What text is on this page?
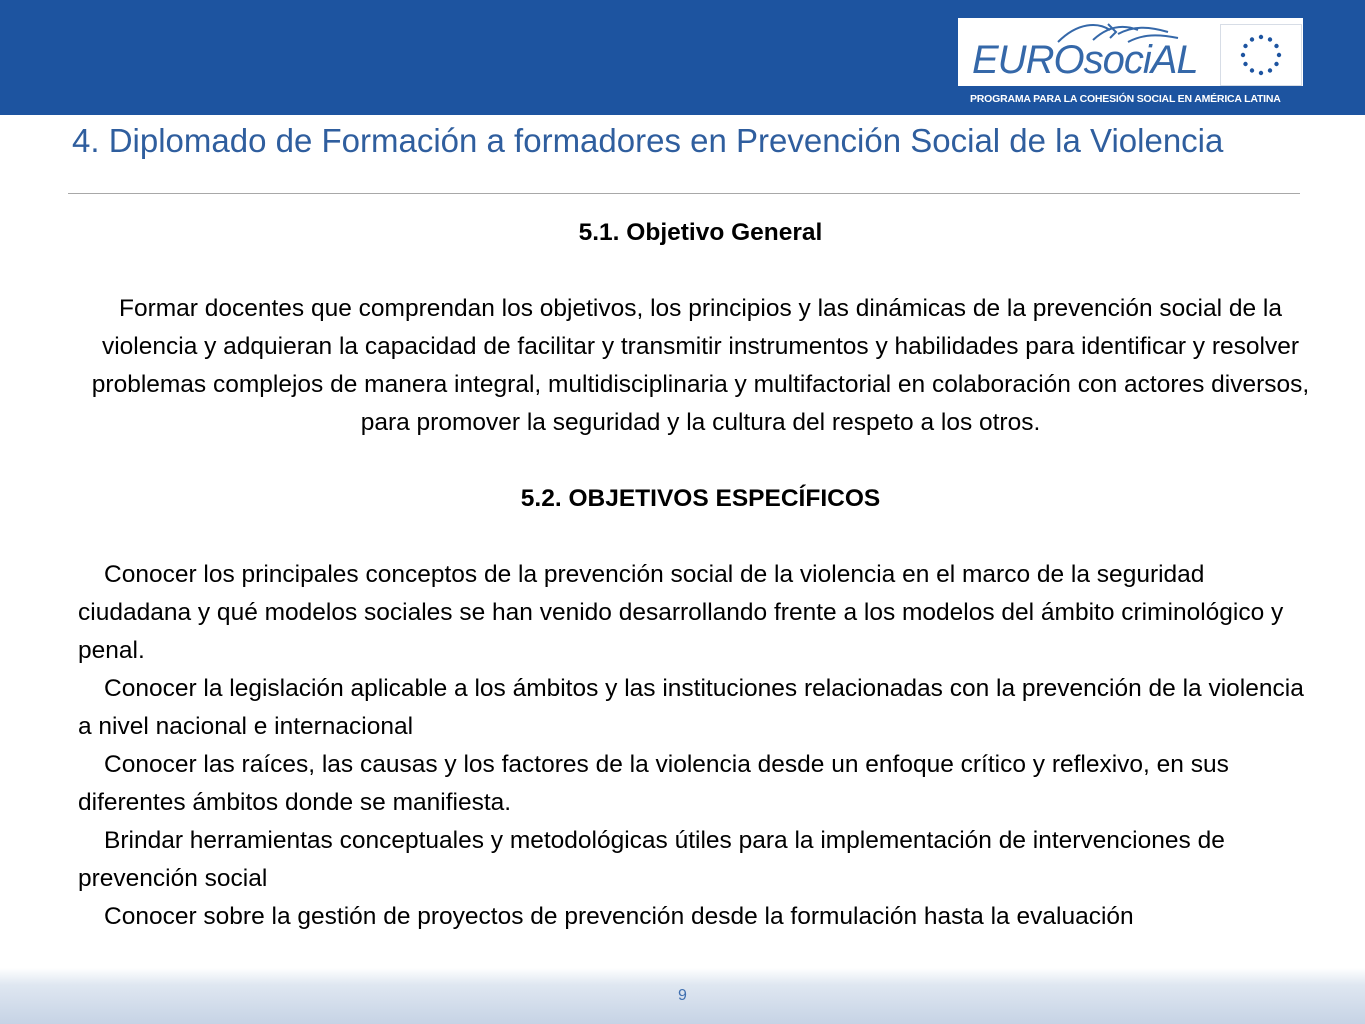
EUROsociAL
PROGRAMA PARA LA COHESIÓN SOCIAL EN AMÉRICA LATINA
4. Diplomado de Formación a formadores en Prevención Social de la Violencia

5.1. Objetivo General

Formar docentes que comprendan los objetivos, los principios y las dinámicas de la prevención social de la violencia y adquieran la capacidad de facilitar y transmitir instrumentos y habilidades para identificar y resolver problemas complejos de manera integral, multidisciplinaria y multifactorial en colaboración con actores diversos, para promover la seguridad y la cultura del respeto a los otros.

5.2. OBJETIVOS ESPECÍFICOS

Conocer los principales conceptos de la prevención social de la violencia en el marco de la seguridad ciudadana y qué modelos sociales se han venido desarrollando frente a los modelos del ámbito criminológico y penal.
Conocer la legislación aplicable a los ámbitos y las instituciones relacionadas con la prevención de la violencia a nivel nacional e internacional
Conocer las raíces, las causas y los factores de la violencia desde un enfoque crítico y reflexivo, en sus diferentes ámbitos donde se manifiesta.
Brindar herramientas conceptuales y metodológicas útiles para la implementación de intervenciones de prevención social
Conocer sobre la gestión de proyectos de prevención desde la formulación hasta la evaluación
9
